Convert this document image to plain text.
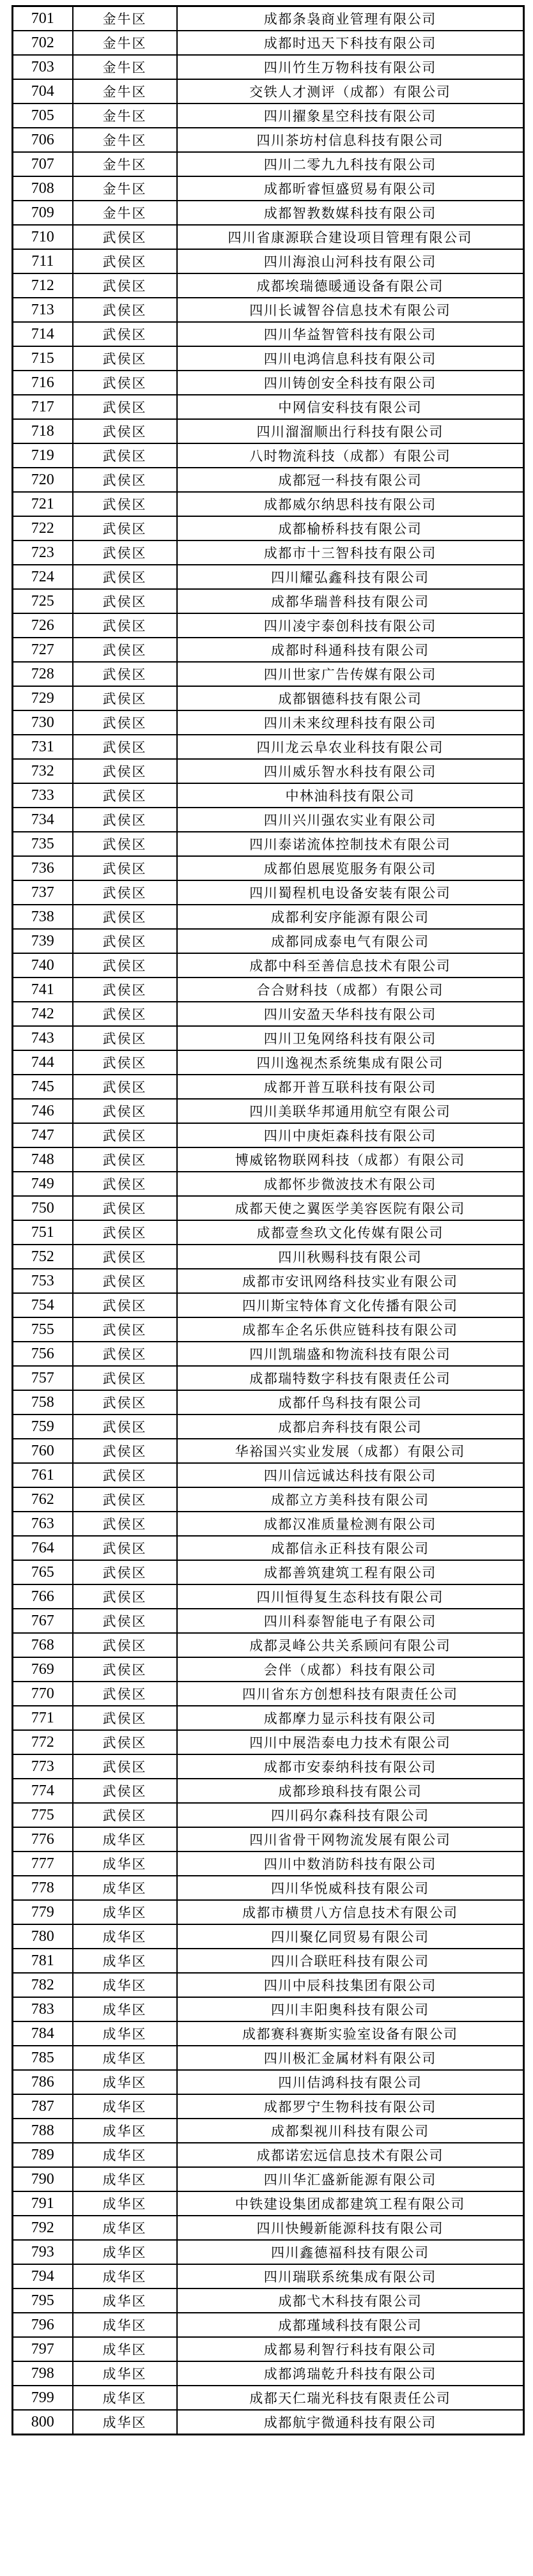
701	金牛区	成都条袅商业管理有限公司
702	金牛区	成都时迅天下科技有限公司
703	金牛区	四川竹生万物科技有限公司
704	金牛区	交铁人才测评（成都）有限公司
705	金牛区	四川擢象星空科技有限公司
706	金牛区	四川茶坊村信息科技有限公司
707	金牛区	四川二零九九科技有限公司
708	金牛区	成都昕睿恒盛贸易有限公司
709	金牛区	成都智教数媒科技有限公司
710	武侯区	四川省康源联合建设项目管理有限公司
711	武侯区	四川海浪山河科技有限公司
712	武侯区	成都埃瑞德暖通设备有限公司
713	武侯区	四川长诚智谷信息技术有限公司
714	武侯区	四川华益智管科技有限公司
715	武侯区	四川电鸿信息科技有限公司
716	武侯区	四川铸创安全科技有限公司
717	武侯区	中网信安科技有限公司
718	武侯区	四川溜溜顺出行科技有限公司
719	武侯区	八时物流科技（成都）有限公司
720	武侯区	成都冠一科技有限公司
721	武侯区	成都威尔纳思科技有限公司
722	武侯区	成都榆桥科技有限公司
723	武侯区	成都市十三智科技有限公司
724	武侯区	四川耀弘鑫科技有限公司
725	武侯区	成都华瑞普科技有限公司
726	武侯区	四川凌宇泰创科技有限公司
727	武侯区	成都时科通科技有限公司
728	武侯区	四川世家广告传媒有限公司
729	武侯区	成都铟德科技有限公司
730	武侯区	四川未来纹理科技有限公司
731	武侯区	四川龙云阜农业科技有限公司
732	武侯区	四川威乐智水科技有限公司
733	武侯区	中林油科技有限公司
734	武侯区	四川兴川强农实业有限公司
735	武侯区	四川泰诺流体控制技术有限公司
736	武侯区	成都伯恩展览服务有限公司
737	武侯区	四川蜀程机电设备安装有限公司
738	武侯区	成都利安序能源有限公司
739	武侯区	成都同成泰电气有限公司
740	武侯区	成都中科至善信息技术有限公司
741	武侯区	合合财科技（成都）有限公司
742	武侯区	四川安盈天华科技有限公司
743	武侯区	四川卫兔网络科技有限公司
744	武侯区	四川逸视杰系统集成有限公司
745	武侯区	成都开普互联科技有限公司
746	武侯区	四川美联华邦通用航空有限公司
747	武侯区	四川中庚炬森科技有限公司
748	武侯区	博威铭物联网科技（成都）有限公司
749	武侯区	成都怀步微波技术有限公司
750	武侯区	成都天使之翼医学美容医院有限公司
751	武侯区	成都壹叁玖文化传媒有限公司
752	武侯区	四川秋赐科技有限公司
753	武侯区	成都市安讯网络科技实业有限公司
754	武侯区	四川斯宝特体育文化传播有限公司
755	武侯区	成都车企名乐供应链科技有限公司
756	武侯区	四川凯瑞盛和物流科技有限公司
757	武侯区	成都瑞特数字科技有限责任公司
758	武侯区	成都仟鸟科技有限公司
759	武侯区	成都启奔科技有限公司
760	武侯区	华裕国兴实业发展（成都）有限公司
761	武侯区	四川信远诚达科技有限公司
762	武侯区	成都立方美科技有限公司
763	武侯区	成都汉准质量检测有限公司
764	武侯区	成都信永正科技有限公司
765	武侯区	成都善筑建筑工程有限公司
766	武侯区	四川恒得复生态科技有限公司
767	武侯区	四川科泰智能电子有限公司
768	武侯区	成都灵峰公共关系顾问有限公司
769	武侯区	会伴（成都）科技有限公司
770	武侯区	四川省东方创想科技有限责任公司
771	武侯区	成都摩力显示科技有限公司
772	武侯区	四川中展浩泰电力技术有限公司
773	武侯区	成都市安泰纳科技有限公司
774	武侯区	成都珍琅科技有限公司
775	武侯区	四川码尔森科技有限公司
776	成华区	四川省骨干网物流发展有限公司
777	成华区	四川中数消防科技有限公司
778	成华区	四川华悦威科技有限公司
779	成华区	成都市横贯八方信息技术有限公司
780	成华区	四川聚亿同贸易有限公司
781	成华区	四川合联旺科技有限公司
782	成华区	四川中辰科技集团有限公司
783	成华区	四川丰阳奥科技有限公司
784	成华区	成都赛科赛斯实验室设备有限公司
785	成华区	四川极汇金属材料有限公司
786	成华区	四川佶鸿科技有限公司
787	成华区	成都罗宁生物科技有限公司
788	成华区	成都梨视川科技有限公司
789	成华区	成都诺宏远信息技术有限公司
790	成华区	四川华汇盛新能源有限公司
791	成华区	中铁建设集团成都建筑工程有限公司
792	成华区	四川快鳗新能源科技有限公司
793	成华区	四川鑫德福科技有限公司
794	成华区	四川瑞联系统集成有限公司
795	成华区	成都弋木科技有限公司
796	成华区	成都瑾域科技有限公司
797	成华区	成都易利智行科技有限公司
798	成华区	成都鸿瑞乾升科技有限公司
799	成华区	成都天仁瑞光科技有限责任公司
800	成华区	成都航宇微通科技有限公司
